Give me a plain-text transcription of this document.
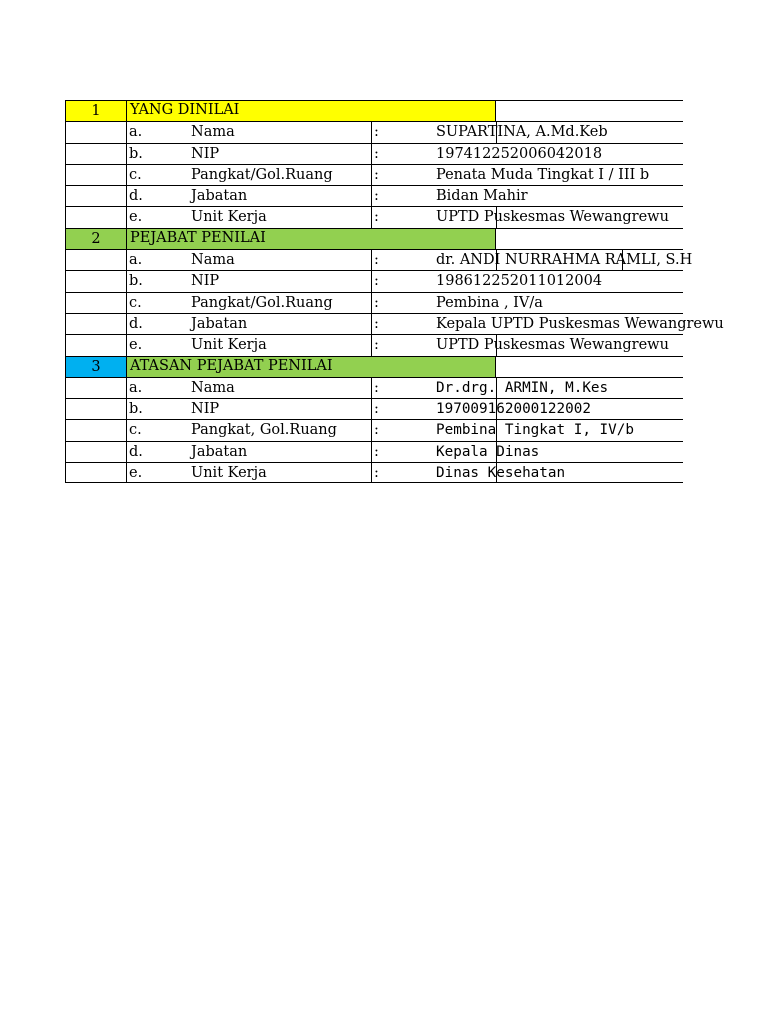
1	YANG DINILAI
a.	Nama	:	SUPARTINA, A.Md.Keb
b.	NIP	:	197412252006042018
c.	Pangkat/Gol.Ruang	:	Penata Muda Tingkat I / III b
d.	Jabatan	:	Bidan Mahir
e.	Unit Kerja	:	UPTD Puskesmas Wewangrewu
2	PEJABAT PENILAI
a.	Nama	:	dr. ANDI NURRAHMA RAMLI, S.H
b.	NIP	:	198612252011012004
c.	Pangkat/Gol.Ruang	:	Pembina , IV/a
d.	Jabatan	:	Kepala UPTD Puskesmas Wewangrewu
e.	Unit Kerja	:	UPTD Puskesmas Wewangrewu
3	ATASAN PEJABAT PENILAI
a.	Nama	:	Dr.drg. ARMIN, M.Kes
b.	NIP	:	197009162000122002
c.	Pangkat, Gol.Ruang	:	Pembina Tingkat I, IV/b
d.	Jabatan	:	Kepala Dinas
e.	Unit Kerja	:	Dinas Kesehatan
